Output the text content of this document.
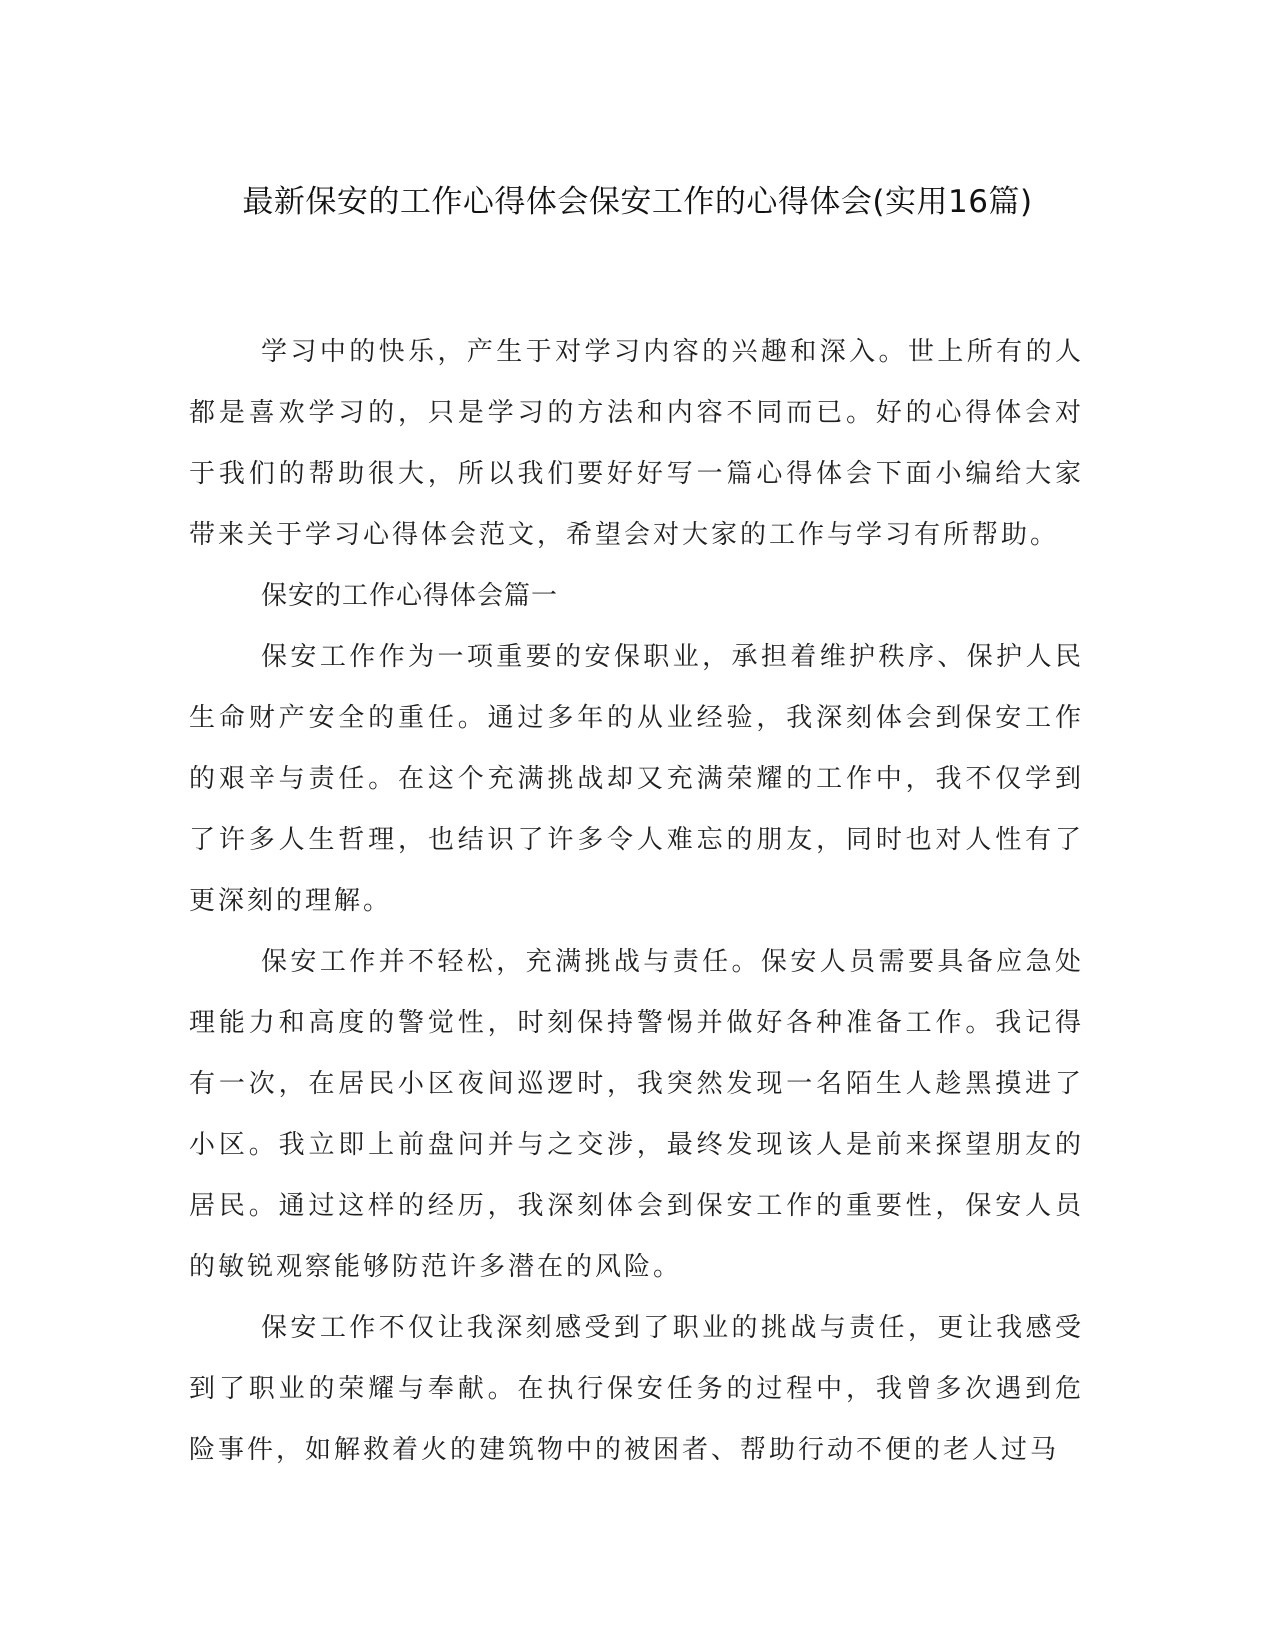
最新保安的工作心得体会保安工作的心得体会(实用16篇)

学习中的快乐，产生于对学习内容的兴趣和深入。世上所有的人都是喜欢学习的，只是学习的方法和内容不同而已。好的心得体会对于我们的帮助很大，所以我们要好好写一篇心得体会下面小编给大家带来关于学习心得体会范文，希望会对大家的工作与学习有所帮助。

保安的工作心得体会篇一

保安工作作为一项重要的安保职业，承担着维护秩序、保护人民生命财产安全的重任。通过多年的从业经验，我深刻体会到保安工作的艰辛与责任。在这个充满挑战却又充满荣耀的工作中，我不仅学到了许多人生哲理，也结识了许多令人难忘的朋友，同时也对人性有了更深刻的理解。

保安工作并不轻松，充满挑战与责任。保安人员需要具备应急处理能力和高度的警觉性，时刻保持警惕并做好各种准备工作。我记得有一次，在居民小区夜间巡逻时，我突然发现一名陌生人趁黑摸进了小区。我立即上前盘问并与之交涉，最终发现该人是前来探望朋友的居民。通过这样的经历，我深刻体会到保安工作的重要性，保安人员的敏锐观察能够防范许多潜在的风险。

保安工作不仅让我深刻感受到了职业的挑战与责任，更让我感受到了职业的荣耀与奉献。在执行保安任务的过程中，我曾多次遇到危险事件，如解救着火的建筑物中的被困者、帮助行动不便的老人过马
